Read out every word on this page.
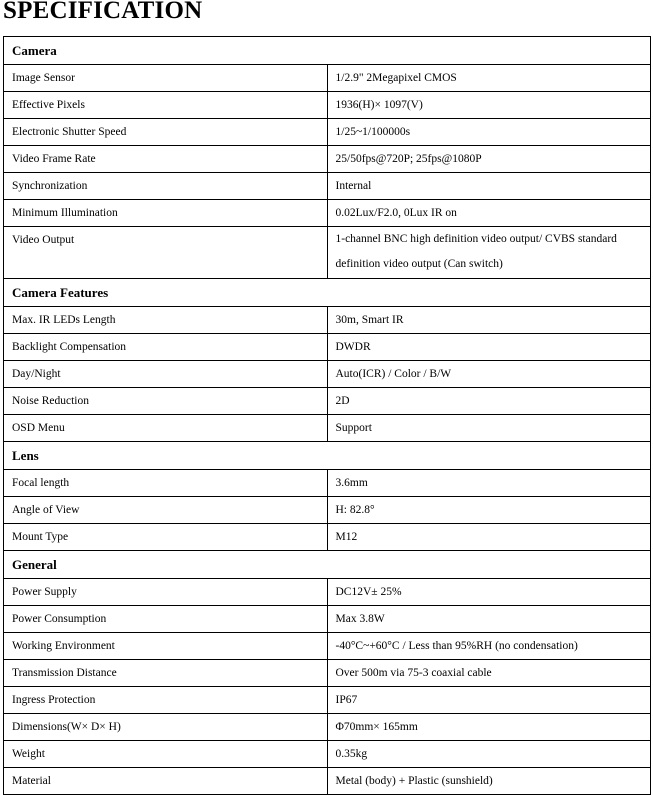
SPECIFICATION
Camera	
Image Sensor	1/2.9" 2Megapixel CMOS
Effective Pixels	1936(H)× 1097(V)
Electronic Shutter Speed	1/25~1/100000s
Video Frame Rate	25/50fps@720P; 25fps@1080P
Synchronization	Internal
Minimum Illumination	0.02Lux/F2.0, 0Lux IR on
Video Output	1-channel BNC high definition video output/ CVBS standard definition video output (Can switch)
Camera Features	
Max. IR LEDs Length	30m, Smart IR
Backlight Compensation	DWDR
Day/Night	Auto(ICR) / Color / B/W
Noise Reduction	2D
OSD Menu	Support
Lens	
Focal length	3.6mm
Angle of View	H: 82.8°
Mount Type	M12
General	
Power Supply	DC12V± 25%
Power Consumption	Max 3.8W
Working Environment	-40°C~+60°C / Less than 95%RH (no condensation)
Transmission Distance	Over 500m via 75-3 coaxial cable
Ingress Protection	IP67
Dimensions(W× D× H)	Φ70mm× 165mm
Weight	0.35kg
Material	Metal (body) + Plastic (sunshield)
